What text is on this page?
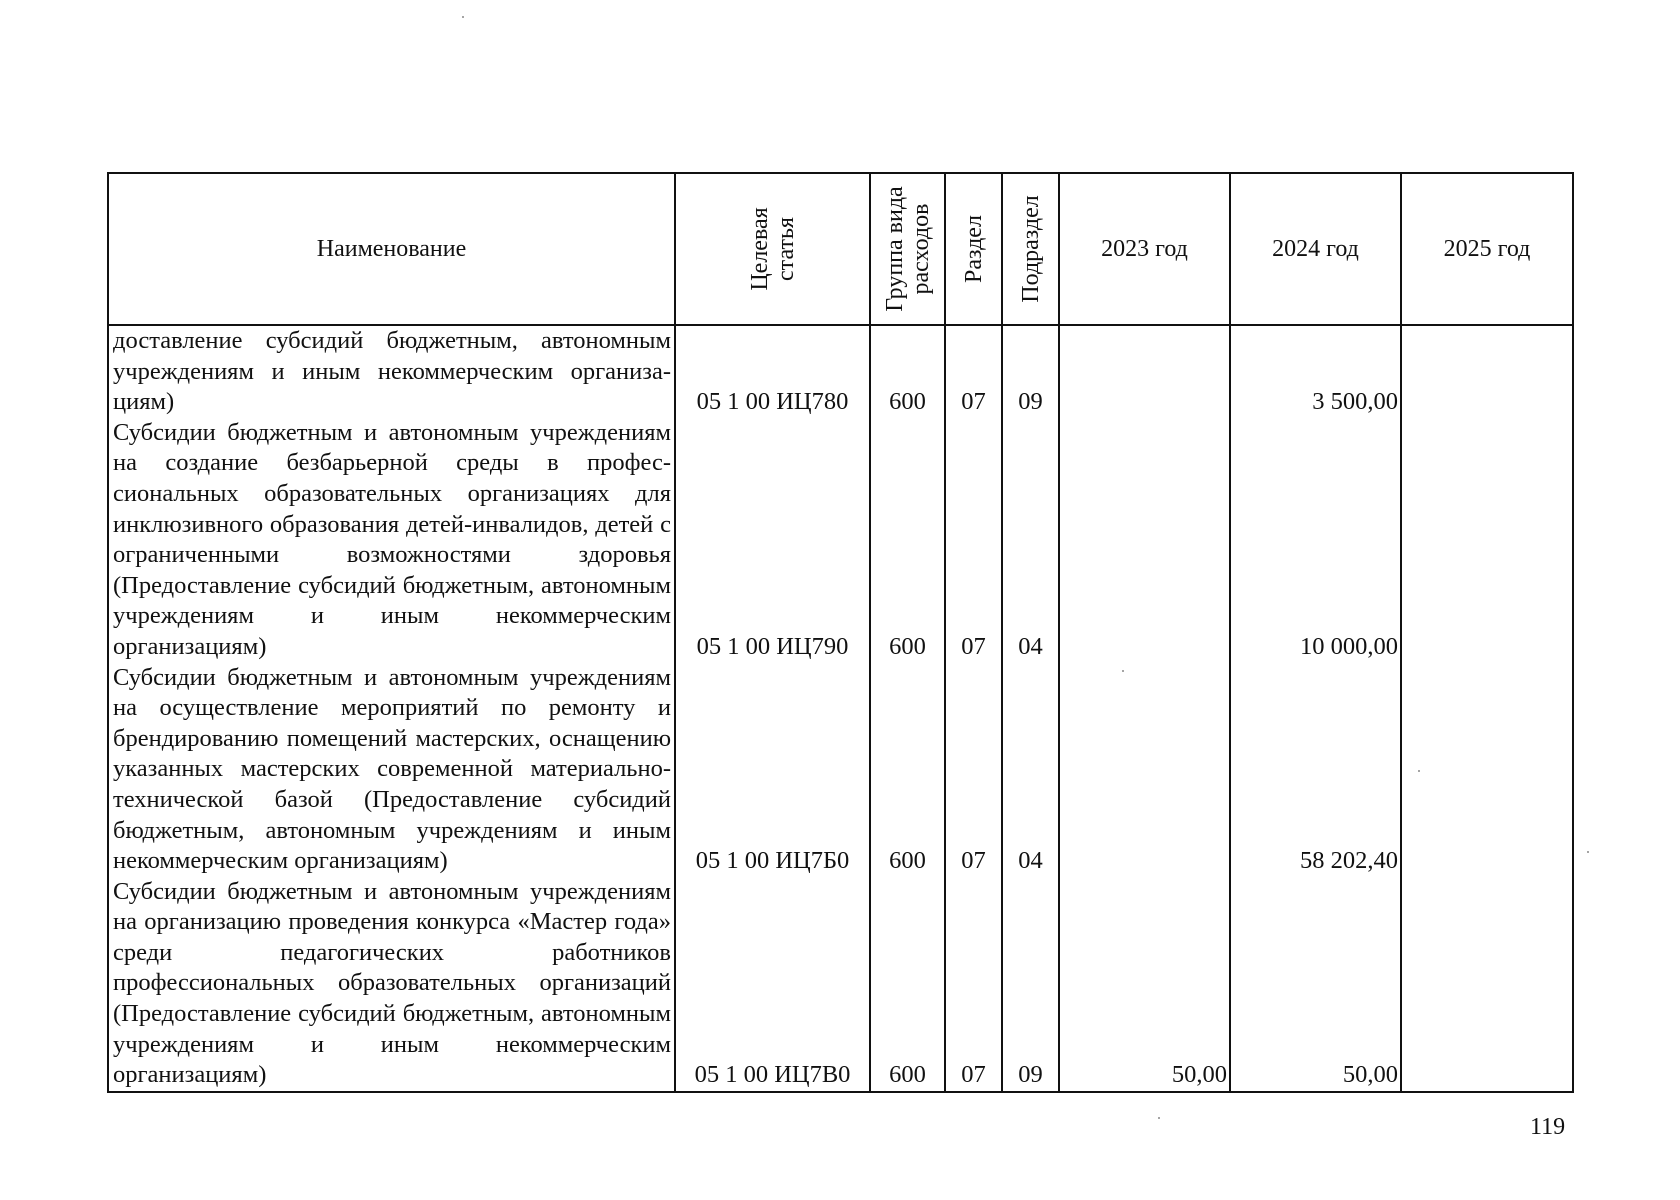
Наименование	Целевая статья	Группа вида расходов	Раздел	Подраздел	2023 год	2024 год	2025 год
доставление субсидий бюджетным, автономным учреждениям и иным некоммерческим организациям)	05 1 00 ИЦ780	600	07	09		3 500,00	
Субсидии бюджетным и автономным учреждениям на создание безбарьерной среды в профессиональных образовательных организациях для инклюзивного образования детей-инвалидов, детей с ограниченными возможностями здоровья (Предоставление субсидий бюджетным, автономным учреждениям и иным некоммерческим организациям)	05 1 00 ИЦ790	600	07	04		10 000,00	
Субсидии бюджетным и автономным учреждениям на осуществление мероприятий по ремонту и брендированию помещений мастерских, оснащению указанных мастерских современной материально-технической базой (Предоставление субсидий бюджетным, автономным учреждениям и иным некоммерческим организациям)	05 1 00 ИЦ7Б0	600	07	04		58 202,40	
Субсидии бюджетным и автономным учреждениям на организацию проведения конкурса «Мастер года» среди педагогических работников профессиональных образовательных организаций (Предоставление субсидий бюджетным, автономным учреждениям и иным некоммерческим организациям)	05 1 00 ИЦ7В0	600	07	09	50,00	50,00	
119
